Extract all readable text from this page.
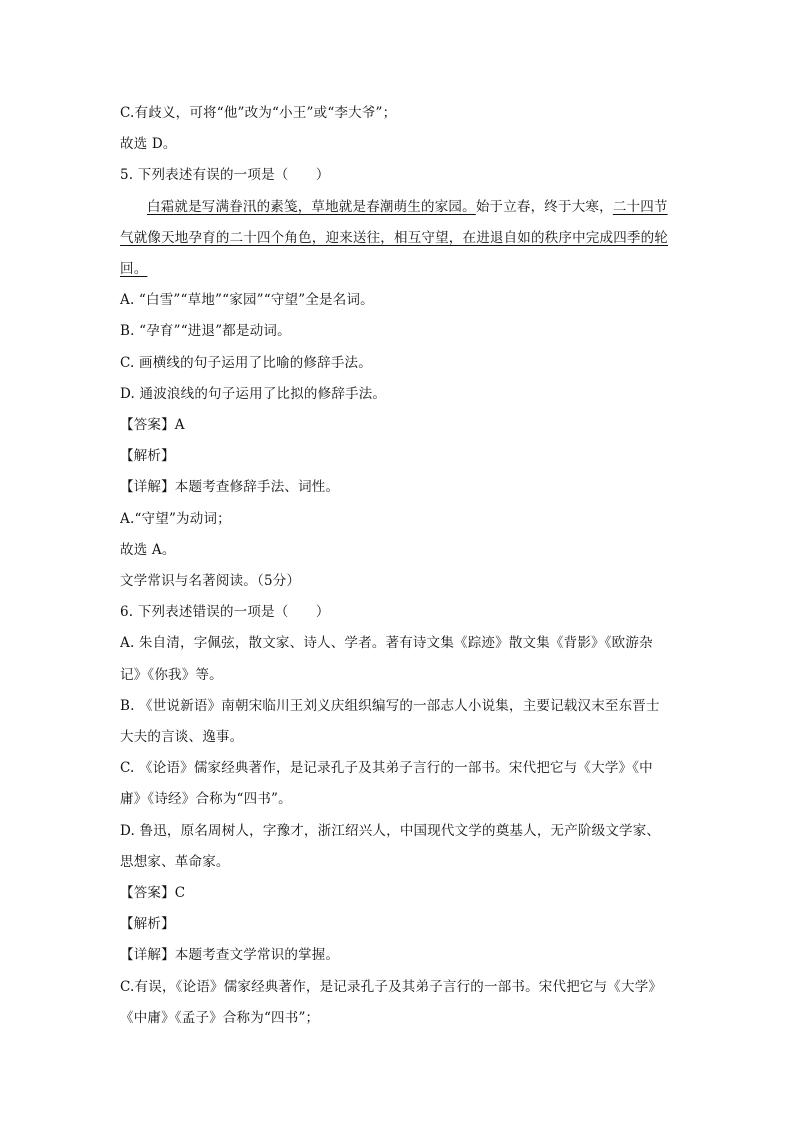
C.有歧义，可将“他”改为“小王”或“李大爷”；
故选 D。
5. 下列表述有误的一项是（　　）
白霜就是写满眷汛的素笺，草地就是春潮萌生的家园。始于立春，终于大寒，二十四节
气就像天地孕育的二十四个角色，迎来送往，相互守望，在进退自如的秩序中完成四季的轮
回。
A. “白雪”“草地”“家园”“守望”全是名词。
B. “孕育”“进退”都是动词。
C. 画横线的句子运用了比喻的修辞手法。
D. 通波浪线的句子运用了比拟的修辞手法。
【答案】A
【解析】
【详解】本题考查修辞手法、词性。
A.“守望”为动词；
故选 A。
文学常识与名著阅读。（5分）
6. 下列表述错误的一项是（　　）
A. 朱自清，字佩弦，散文家、诗人、学者。著有诗文集《踪迹》散文集《背影》《欧游杂
记》《你我》等。
B. 《世说新语》南朝宋临川王刘义庆组织编写的一部志人小说集，主要记载汉末至东晋士
大夫的言谈、逸事。
C. 《论语》儒家经典著作，是记录孔子及其弟子言行的一部书。宋代把它与《大学》《中
庸》《诗经》合称为“四书”。
D. 鲁迅，原名周树人，字豫才，浙江绍兴人，中国现代文学的奠基人，无产阶级文学家、
思想家、革命家。
【答案】C
【解析】
【详解】本题考查文学常识的掌握。
C.有误，《论语》儒家经典著作，是记录孔子及其弟子言行的一部书。宋代把它与《大学》
《中庸》《孟子》合称为“四书”；
